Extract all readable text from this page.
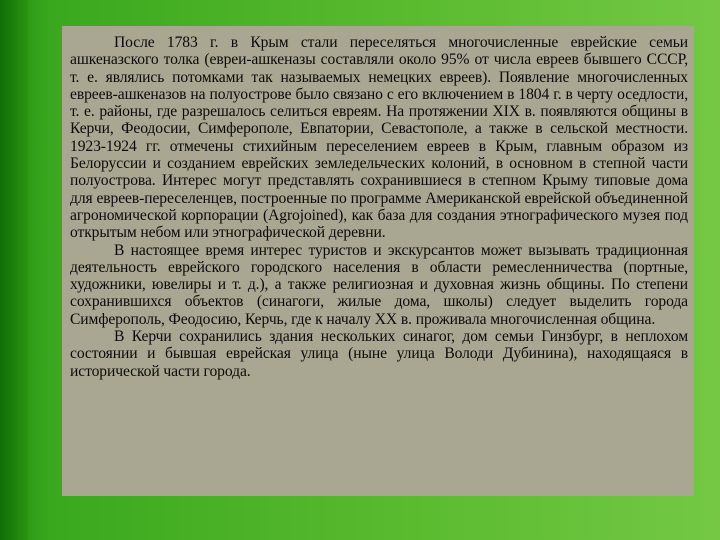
После 1783 г. в Крым стали переселяться многочисленные еврейские семьи ашкеназского толка (евреи-ашкеназы составляли около 95% от числа евреев бывшего СССР, т. е. являлись потомками так называемых немецких евреев). Появление многочисленных евреев-ашкеназов на полуострове было связано с его включением в 1804 г. в черту оседлости, т. е. районы, где разрешалось селиться евреям. На протяжении XIX в. появляются общины в Керчи, Феодосии, Симферополе, Евпатории, Севастополе, а также в сельской местности. 1923-1924 гг. отмечены стихийным переселением евреев в Крым, главным образом из Белоруссии и созданием еврейских земледельческих колоний, в основном в степной части полуострова. Интерес могут представлять сохранившиеся в степном Крыму типовые дома для евреев-переселенцев, построенные по программе Американской еврейской объединенной агрономической корпорации (Agrojoined), как база для создания этнографического музея под открытым небом или этнографической деревни.

В настоящее время интерес туристов и экскурсантов может вызывать традиционная деятельность еврейского городского населения в области ремесленничества (портные, художники, ювелиры и т. д.), а также религиозная и духовная жизнь общины. По степени сохранившихся объектов (синагоги, жилые дома, школы) следует выделить города Симферополь, Феодосию, Керчь, где к началу XX в. проживала многочисленная община.

В Керчи сохранились здания нескольких синагог, дом семьи Гинзбург, в неплохом состоянии и бывшая еврейская улица (ныне улица Володи Дубинина), находящаяся в исторической части города.
